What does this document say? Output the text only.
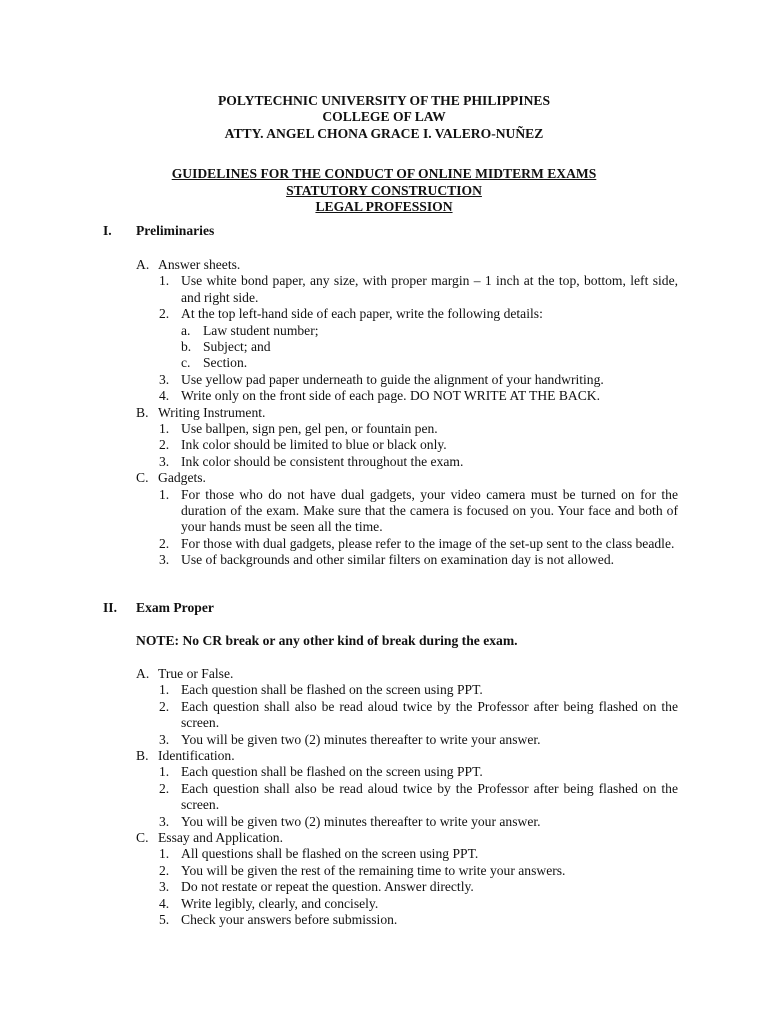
POLYTECHNIC UNIVERSITY OF THE PHILIPPINES
COLLEGE OF LAW
ATTY. ANGEL CHONA GRACE I. VALERO-NUÑEZ
GUIDELINES FOR THE CONDUCT OF ONLINE MIDTERM EXAMS
STATUTORY CONSTRUCTION
LEGAL PROFESSION
I. Preliminaries
A. Answer sheets.
1. Use white bond paper, any size, with proper margin – 1 inch at the top, bottom, left side, and right side.
2. At the top left-hand side of each paper, write the following details:
a. Law student number;
b. Subject; and
c. Section.
3. Use yellow pad paper underneath to guide the alignment of your handwriting.
4. Write only on the front side of each page. DO NOT WRITE AT THE BACK.
B. Writing Instrument.
1. Use ballpen, sign pen, gel pen, or fountain pen.
2. Ink color should be limited to blue or black only.
3. Ink color should be consistent throughout the exam.
C. Gadgets.
1. For those who do not have dual gadgets, your video camera must be turned on for the duration of the exam. Make sure that the camera is focused on you. Your face and both of your hands must be seen all the time.
2. For those with dual gadgets, please refer to the image of the set-up sent to the class beadle.
3. Use of backgrounds and other similar filters on examination day is not allowed.
II. Exam Proper
NOTE: No CR break or any other kind of break during the exam.
A. True or False.
1. Each question shall be flashed on the screen using PPT.
2. Each question shall also be read aloud twice by the Professor after being flashed on the screen.
3. You will be given two (2) minutes thereafter to write your answer.
B. Identification.
1. Each question shall be flashed on the screen using PPT.
2. Each question shall also be read aloud twice by the Professor after being flashed on the screen.
3. You will be given two (2) minutes thereafter to write your answer.
C. Essay and Application.
1. All questions shall be flashed on the screen using PPT.
2. You will be given the rest of the remaining time to write your answers.
3. Do not restate or repeat the question. Answer directly.
4. Write legibly, clearly, and concisely.
5. Check your answers before submission.
